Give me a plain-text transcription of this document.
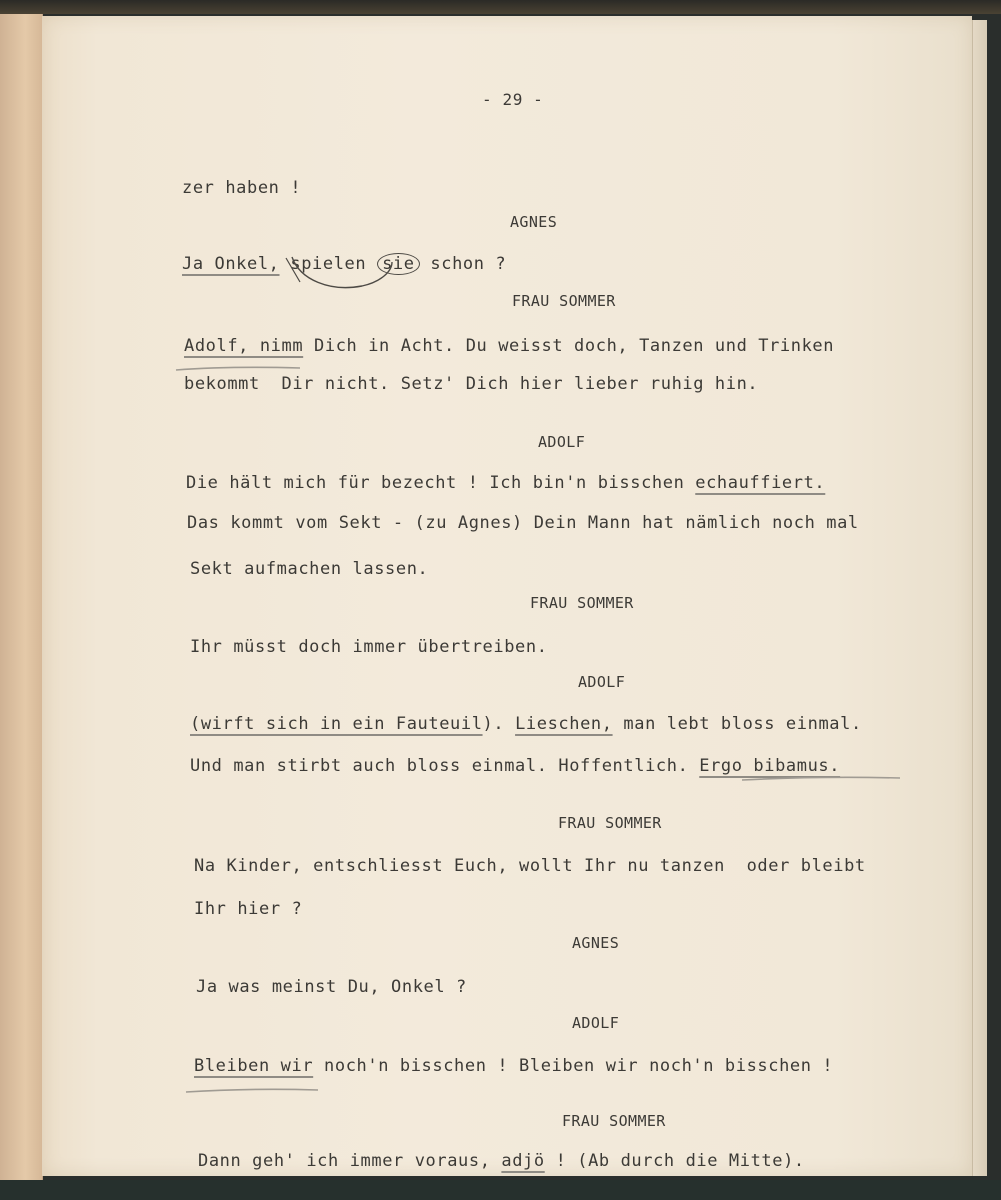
- 29 -
zer haben !
AGNES
Ja Onkel, spielen sie schon ?
FRAU SOMMER
Adolf, nimm Dich in Acht. Du weisst doch, Tanzen und Trinken
bekommt  Dir nicht. Setz' Dich hier lieber ruhig hin.
ADOLF
Die hält mich für bezecht ! Ich bin'n bisschen echauffiert.
Das kommt vom Sekt - (zu Agnes) Dein Mann hat nämlich noch mal
Sekt aufmachen lassen.
FRAU SOMMER
Ihr müsst doch immer übertreiben.
ADOLF
(wirft sich in ein Fauteuil). Lieschen, man lebt bloss einmal.
Und man stirbt auch bloss einmal. Hoffentlich. Ergo bibamus.
FRAU SOMMER
Na Kinder, entschliesst Euch, wollt Ihr nu tanzen  oder bleibt
Ihr hier ?
AGNES
Ja was meinst Du, Onkel ?
ADOLF
Bleiben wir noch'n bisschen ! Bleiben wir noch'n bisschen !
FRAU SOMMER
Dann geh' ich immer voraus, adjö ! (Ab durch die Mitte).
